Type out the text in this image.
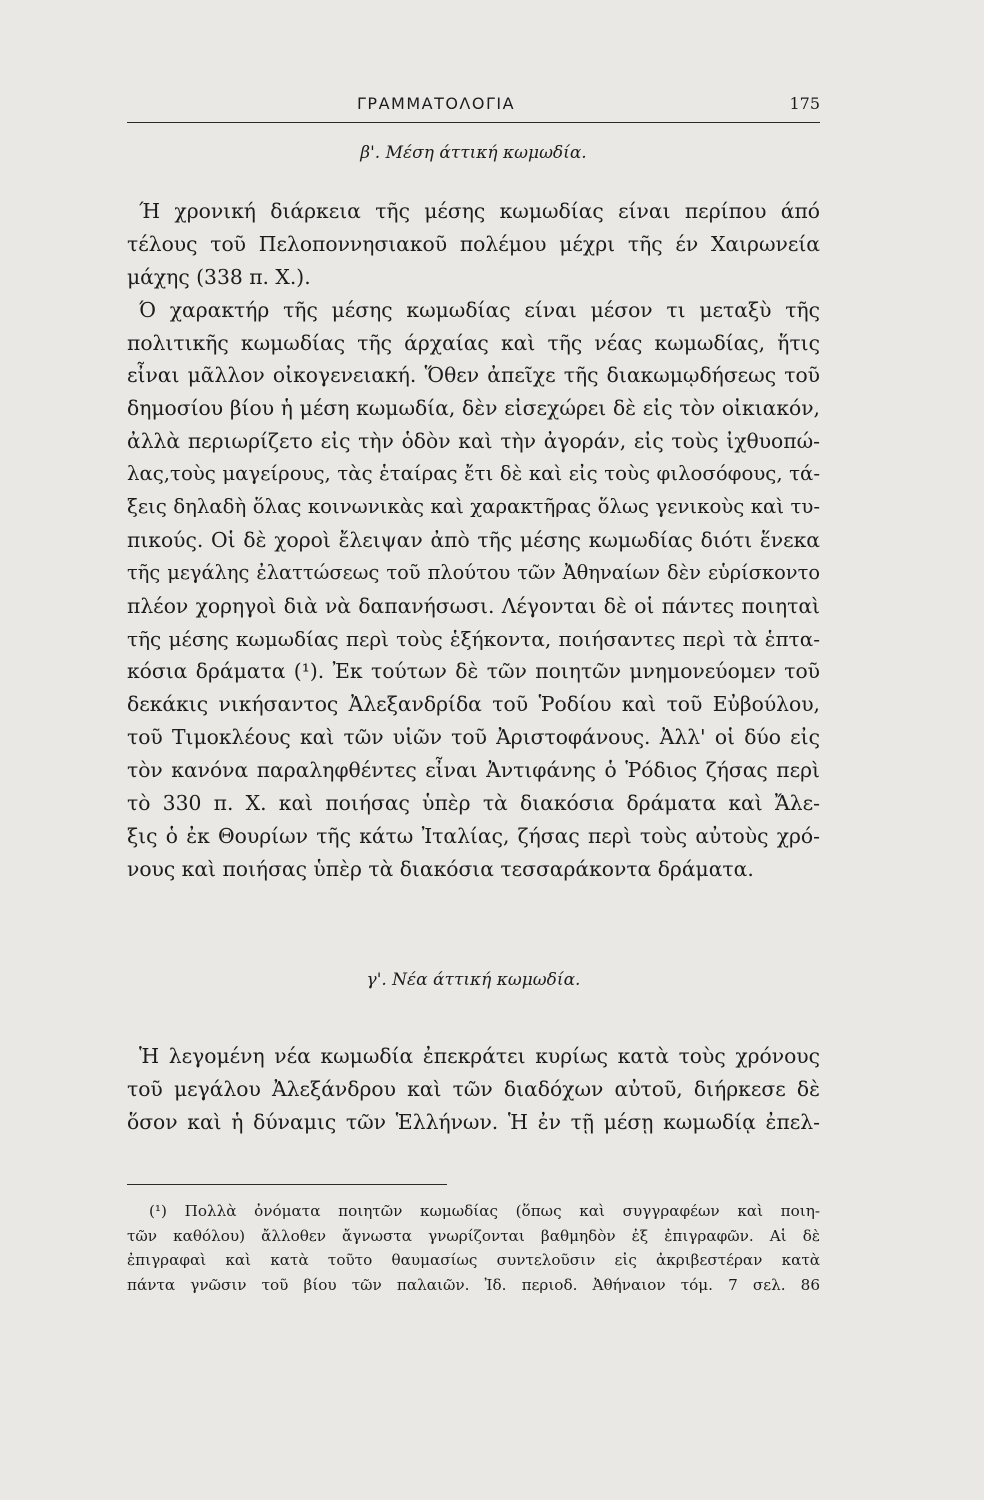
ΓΡΑΜΜΑΤΟΛΟΓΙΑ	175
β'. Μέση άττική κωμωδία.
Ή χρονική διάρκεια τῆς μέσης κωμωδίας είναι περίπου άπό
τέλους τοῦ Πελοποννησιακοῦ πολέμου μέχρι τῆς έν Χαιρωνεία
μάχης (338 π. Χ.).
Ό χαρακτήρ τῆς μέσης κωμωδίας είναι μέσον τι μεταξὺ τῆς
πολιτικῆς κωμωδίας τῆς άρχαίας καὶ τῆς νέας κωμωδίας, ἥτις
εἶναι μᾶλλον οἰκογενειακή. Ὅθεν ἀπεῖχε τῆς διακωμῳδήσεως τοῦ
δημοσίου βίου ἡ μέση κωμωδία, δὲν εἰσεχώρει δὲ εἰς τὸν οἰκιακόν,
ἀλλὰ περιωρίζετο εἰς τὴν ὁδὸν καὶ τὴν ἀγοράν, εἰς τοὺς ἰχθυοπώ-
λας,τοὺς μαγείρους, τὰς ἑταίρας ἔτι δὲ καὶ εἰς τοὺς φιλοσόφους, τά-
ξεις δηλαδὴ ὅλας κοινωνικὰς καὶ χαρακτῆρας ὅλως γενικοὺς καὶ τυ-
πικούς. Οἱ δὲ χοροὶ ἔλειψαν ἀπὸ τῆς μέσης κωμωδίας διότι ἕνεκα
τῆς μεγάλης ἐλαττώσεως τοῦ πλούτου τῶν Ἀθηναίων δὲν εὑρίσκοντο
πλέον χορηγοὶ διὰ νὰ δαπανήσωσι. Λέγονται δὲ οἱ πάντες ποιηταὶ
τῆς μέσης κωμωδίας περὶ τοὺς ἑξήκοντα, ποιήσαντες περὶ τὰ ἑπτα-
κόσια δράματα (¹). Ἐκ τούτων δὲ τῶν ποιητῶν μνημονεύομεν τοῦ
δεκάκις νικήσαντος Ἀλεξανδρίδα τοῦ Ῥοδίου καὶ τοῦ Εὐβούλου,
τοῦ Τιμοκλέους καὶ τῶν υἱῶν τοῦ Ἀριστοφάνους. Ἀλλ' οἱ δύο εἰς
τὸν κανόνα παραληφθέντες εἶναι Ἀντιφάνης ὁ Ῥόδιος ζήσας περὶ
τὸ 330 π. Χ. καὶ ποιήσας ὑπὲρ τὰ διακόσια δράματα καὶ Ἄλε-
ξις ὁ ἐκ Θουρίων τῆς κάτω Ἰταλίας, ζήσας περὶ τοὺς αὐτοὺς χρό-
νους καὶ ποιήσας ὑπὲρ τὰ διακόσια τεσσαράκοντα δράματα.
γ'. Νέα άττική κωμωδία.
Ἡ λεγομένη νέα κωμωδία ἐπεκράτει κυρίως κατὰ τοὺς χρόνους
τοῦ μεγάλου Ἀλεξάνδρου καὶ τῶν διαδόχων αὐτοῦ, διήρκεσε δὲ
ὅσον καὶ ἡ δύναμις τῶν Ἑλλήνων. Ἡ ἐν τῇ μέσῃ κωμωδίᾳ ἐπελ-
(¹) Πολλὰ ὀνόματα ποιητῶν κωμωδίας (ὅπως καὶ συγγραφέων καὶ ποιη-
τῶν καθόλου) ἄλλοθεν ἄγνωστα γνωρίζονται βαθμηδὸν ἐξ ἐπιγραφῶν. Αἱ δὲ
ἐπιγραφαὶ καὶ κατὰ τοῦτο θαυμασίως συντελοῦσιν εἰς ἀκριβεστέραν κατὰ
πάντα γνῶσιν τοῦ βίου τῶν παλαιῶν. Ἰδ. περιοδ. Ἀθήναιον τόμ. 7 σελ. 86
